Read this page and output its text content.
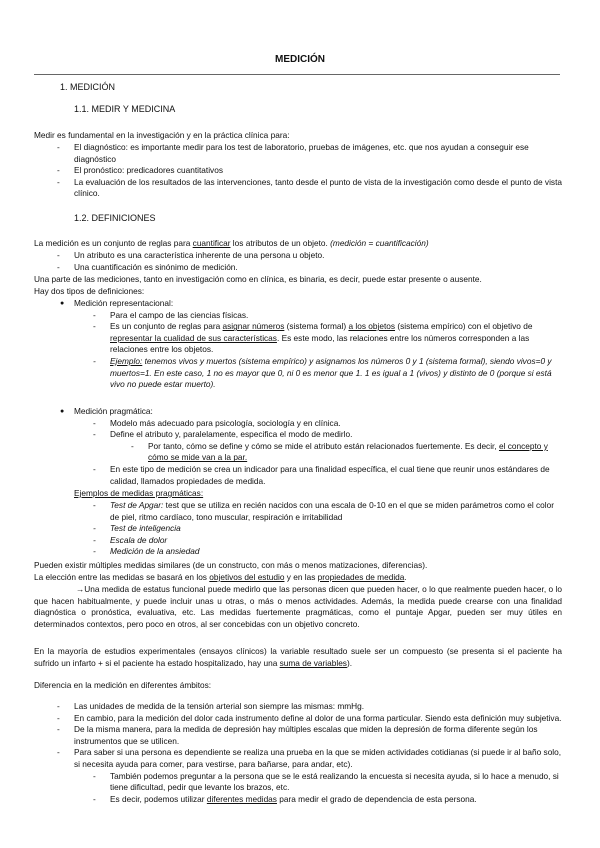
MEDICIÓN
1. MEDICIÓN
1.1. MEDIR Y MEDICINA
Medir es fundamental en la investigación y en la práctica clínica para:
- El diagnóstico: es importante medir para los test de laboratorio, pruebas de imágenes, etc. que nos ayudan a conseguir ese diagnóstico
- El pronóstico: predicadores cuantitativos
- La evaluación de los resultados de las intervenciones, tanto desde el punto de vista de la investigación como desde el punto de vista clínico.
1.2. DEFINICIONES
La medición es un conjunto de reglas para cuantificar los atributos de un objeto. (medición = cuantificación)
- Un atributo es una característica inherente de una persona u objeto.
- Una cuantificación es sinónimo de medición.
Una parte de las mediciones, tanto en investigación como en clínica, es binaria, es decir, puede estar presente o ausente.
Hay dos tipos de definiciones:
● Medición representacional:
- Para el campo de las ciencias físicas.
- Es un conjunto de reglas para asignar números (sistema formal) a los objetos (sistema empírico) con el objetivo de representar la cualidad de sus características. Es este modo, las relaciones entre los números corresponden a las relaciones entre los objetos.
- Ejemplo: tenemos vivos y muertos (sistema empírico) y asignamos los números 0 y 1 (sistema formal), siendo vivos=0 y muertos=1. En este caso, 1 no es mayor que 0, ni 0 es menor que 1. 1 es igual a 1 (vivos) y distinto de 0 (porque si está vivo no puede estar muerto).
● Medición pragmática:
- Modelo más adecuado para psicología, sociología y en clínica.
- Define el atributo y, paralelamente, especifica el modo de medirlo.
- Por tanto, cómo se define y cómo se mide el atributo están relacionados fuertemente. Es decir, el concepto y cómo se mide van a la par.
- En este tipo de medición se crea un indicador para una finalidad específica, el cual tiene que reunir unos estándares de calidad, llamados propiedades de medida.
Ejemplos de medidas pragmáticas:
- Test de Apgar: test que se utiliza en recién nacidos con una escala de 0-10 en el que se miden parámetros como el color de piel, ritmo cardíaco, tono muscular, respiración e irritabilidad
- Test de inteligencia
- Escala de dolor
- Medición de la ansiedad
Pueden existir múltiples medidas similares (de un constructo, con más o menos matizaciones, diferencias).
La elección entre las medidas se basará en los objetivos del estudio y en las propiedades de medida.
→Una medida de estatus funcional puede medirlo que las personas dicen que pueden hacer, o lo que realmente pueden hacer, o lo que hacen habitualmente, y puede incluir unas u otras, o más o menos actividades. Además, la medida puede crearse con una finalidad diagnóstica o pronóstica, evaluativa, etc. Las medidas fuertemente pragmáticas, como el puntaje Apgar, pueden ser muy útiles en determinados contextos, pero poco en otros, al ser concebidas con un objetivo concreto.
En la mayoría de estudios experimentales (ensayos clínicos) la variable resultado suele ser un compuesto (se presenta si el paciente ha sufrido un infarto + si el paciente ha estado hospitalizado, hay una suma de variables).
Diferencia en la medición en diferentes ámbitos:
- Las unidades de medida de la tensión arterial son siempre las mismas: mmHg.
- En cambio, para la medición del dolor cada instrumento define al dolor de una forma particular. Siendo esta definición muy subjetiva.
- De la misma manera, para la medida de depresión hay múltiples escalas que miden la depresión de forma diferente según los instrumentos que se utilicen.
- Para saber si una persona es dependiente se realiza una prueba en la que se miden actividades cotidianas (si puede ir al baño solo, si necesita ayuda para comer, para vestirse, para bañarse, para andar, etc).
- También podemos preguntar a la persona que se le está realizando la encuesta si necesita ayuda, si lo hace a menudo, si tiene dificultad, pedir que levante los brazos, etc.
- Es decir, podemos utilizar diferentes medidas para medir el grado de dependencia de esta persona.
